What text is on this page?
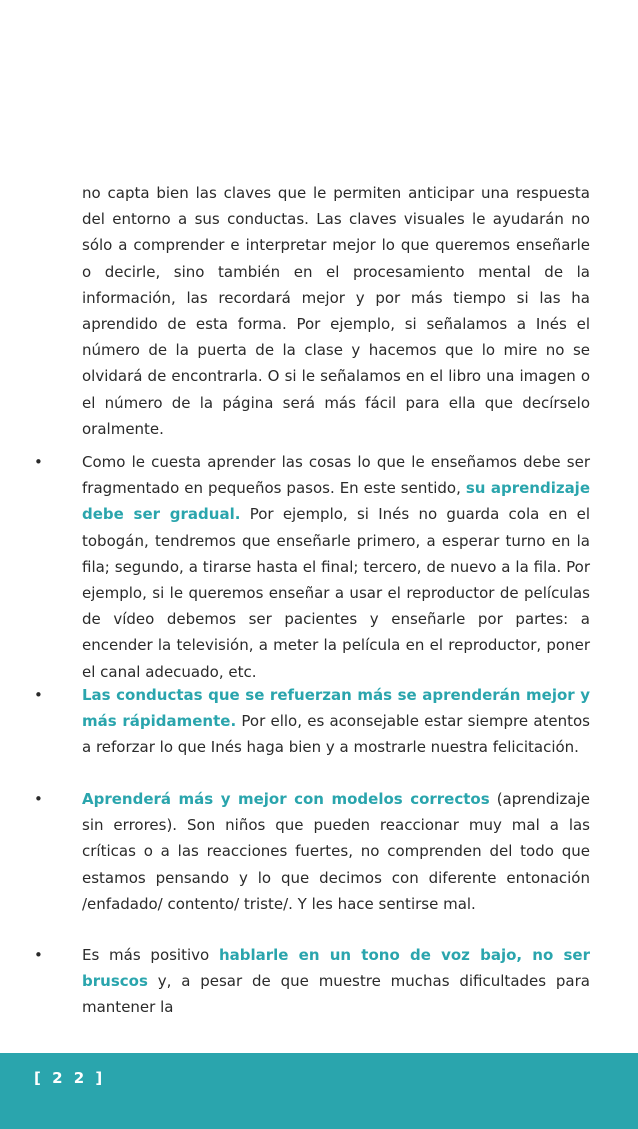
no capta bien las claves que le permiten anticipar una respuesta del entorno a sus conductas. Las claves visuales le ayudarán no sólo a comprender e interpretar mejor lo que queremos enseñarle o decirle, sino también en el procesamiento mental de la información, las recordará mejor y por más tiempo si las ha aprendido de esta forma. Por ejemplo, si señalamos a Inés el número de la puerta de la clase y hacemos que lo mire no se olvidará de encontrarla. O si le señalamos en el libro una imagen o el número de la página será más fácil para ella que decírselo oralmente.
•	Como le cuesta aprender las cosas lo que le enseñamos debe ser fragmentado en pequeños pasos. En este sentido, su aprendizaje debe ser gradual. Por ejemplo, si Inés no guarda cola en el tobogán, tendremos que enseñarle primero, a esperar turno en la fila; segundo, a tirarse hasta el final; tercero, de nuevo a la fila. Por ejemplo, si le queremos enseñar a usar el reproductor de películas de vídeo debemos ser pacientes y enseñarle por partes: a encender la televisión, a meter la película en el reproductor, poner el canal adecuado, etc.
•	Las conductas que se refuerzan más se aprenderán mejor y más rápidamente. Por ello, es aconsejable estar siempre atentos a reforzar lo que Inés haga bien y a mostrarle nuestra felicitación.
•	Aprenderá más y mejor con modelos correctos (aprendizaje sin errores). Son niños que pueden reaccionar muy mal a las críticas o a las reacciones fuertes, no comprenden del todo que estamos pensando y lo que decimos con diferente entonación /enfadado/ contento/ triste/. Y les hace sentirse mal.
•	Es más positivo hablarle en un tono de voz bajo, no ser bruscos y, a pesar de que muestre muchas dificultades para mantener la
[ 2 2 ]
